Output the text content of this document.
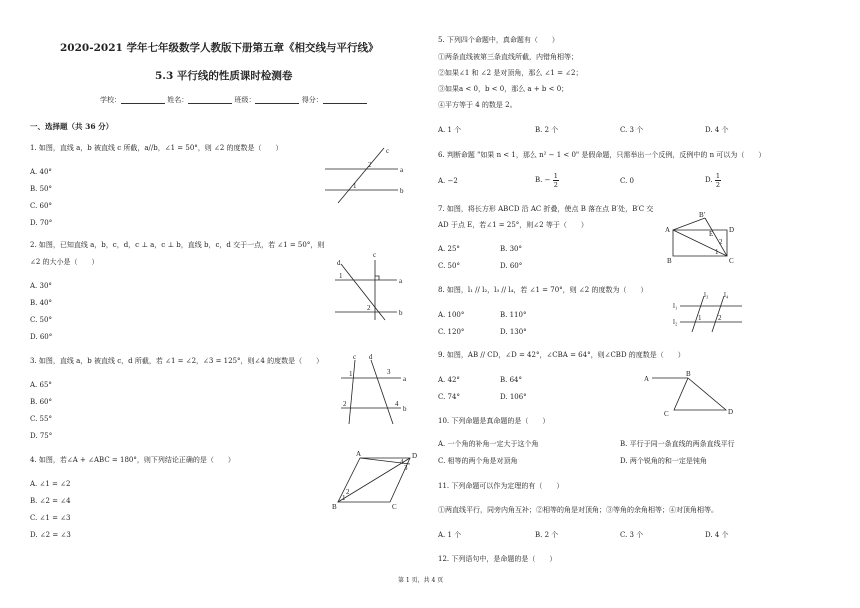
2020-2021 学年七年级数学人教版下册第五章《相交线与平行线》
5.3 平行线的性质课时检测卷
学校：	姓名：	班级：	得分：
一、选择题（共 36 分）
1. 如图，直线 a，b 被直线 c 所截，a//b，∠1 = 50°，则 ∠2 的度数是（　　）
A. 40°
B. 50°
C. 60°
D. 70°
c
a
b
2
1
2. 如图，已知直线 a，b，c，d，c ⊥ a，c ⊥ b，直线 b，c，d 交于一点，若 ∠1 = 50°，则
∠2 的大小是（　　）
A. 30°
B. 40°
C. 50°
D. 60°
c
d
a
b
1
2
3. 如图，直线 a，b 被直线 c，d 所截，若 ∠1 = ∠2，∠3 = 125°，则∠4 的度数是（　　）
A. 65°
B. 60°
C. 55°
D. 75°
c d
a
b
1
2
3
4
4. 如图，若∠A + ∠ABC = 180°，则下列结论正确的是（　　）
A. ∠1 = ∠2
B. ∠2 = ∠4
C. ∠1 = ∠3
D. ∠2 = ∠3
A	D
C
B
4
3
2
1
5. 下列四个命题中，真命题有（　　）
①两条直线被第三条直线所截，内错角相等；
②如果∠1 和 ∠2 是对顶角，那么 ∠1 = ∠2；
③如果a < 0，b < 0，那么 a + b < 0；
④平方等于 4 的数是 2。
A. 1 个	B. 2 个	C. 3 个	D. 4 个
6. 判断命题 "如果 n < 1，那么 n² − 1 < 0" 是假命题，只需举出一个反例，反例中的 n 可以为（　　）
A. −2	B. − $\frac{1}{2}$	C. 0	D. $\frac{1}{2}$
7. 如图，将长方形 ABCD 沿 AC 折叠，使点 B 落在点 B′处，B′C 交
AD 于点 E，若∠1 = 25°，则∠2 等于（　　）
A. 25°	B. 30°
C. 50°	D. 60°
A	D
B	C
B′
E
1
2
8. 如图，l₁ // l₂，l₃ // l₄，若 ∠1 = 70°，则 ∠2 的度数为（　　）
A. 100°	B. 110°
C. 120°	D. 130°
l₁
l₂
l₃ l₄
1 2
9. 如图，AB // CD，∠D = 42°，∠CBA = 64°，则∠CBD 的度数是（　　）
A. 42°	B. 64°
C. 74°	D. 106°
A
B
C	D
10. 下列命题是真命题的是（　　）
A. 一个角的补角一定大于这个角	B. 平行于同一条直线的两条直线平行
C. 相等的两个角是对顶角	D. 两个锐角的和一定是钝角
11. 下列命题可以作为定理的有（　　）
①两直线平行，同旁内角互补；②相等的角是对顶角；③等角的余角相等；④对顶角相等。
A. 1 个	B. 2 个	C. 3 个	D. 4 个
12. 下列语句中，是命题的是（　　）
第 1 页，共 4 页
